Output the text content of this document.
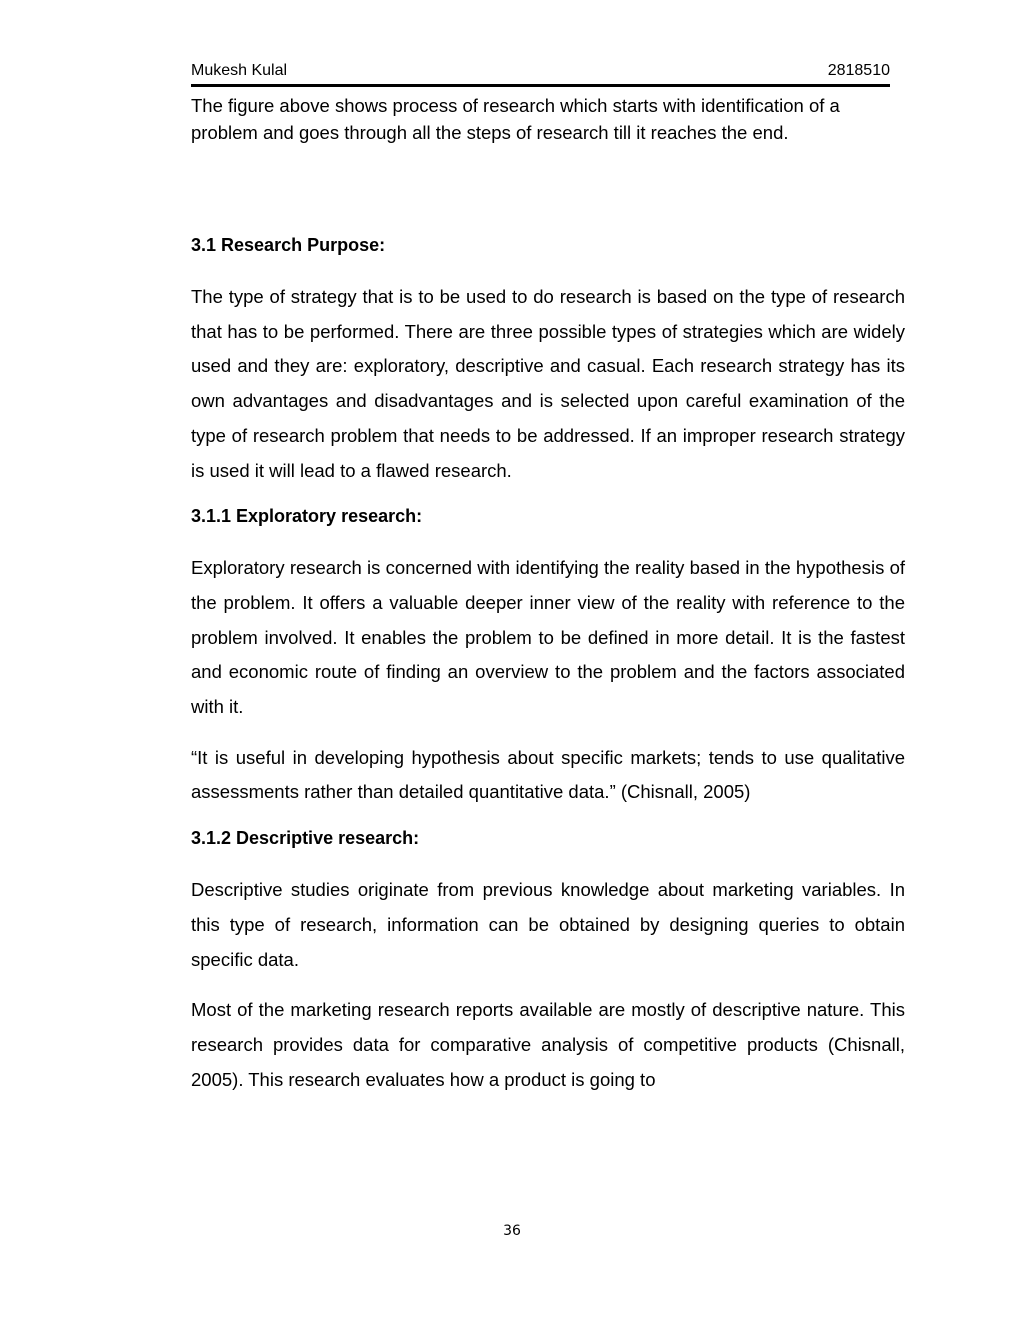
Mukesh Kulal	2818510

The figure above shows process of research which starts with identification of a problem and goes through all the steps of research till it reaches the end.

3.1 Research Purpose:

The type of strategy that is to be used to do research is based on the type of research that has to be performed. There are three possible types of strategies which are widely used and they are: exploratory, descriptive and casual. Each research strategy has its own advantages and disadvantages and is selected upon careful examination of the type of research problem that needs to be addressed. If an improper research strategy is used it will lead to a flawed research.

3.1.1 Exploratory research:

Exploratory research is concerned with identifying the reality based in the hypothesis of the problem. It offers a valuable deeper inner view of the reality with reference to the problem involved. It enables the problem to be defined in more detail. It is the fastest and economic route of finding an overview to the problem and the factors associated with it.

“It is useful in developing hypothesis about specific markets; tends to use qualitative assessments rather than detailed quantitative data.” (Chisnall, 2005)

3.1.2 Descriptive research:

Descriptive studies originate from previous knowledge about marketing variables. In this type of research, information can be obtained by designing queries to obtain specific data.

Most of the marketing research reports available are mostly of descriptive nature. This research provides data for comparative analysis of competitive products (Chisnall, 2005). This research evaluates how a product is going to

36
